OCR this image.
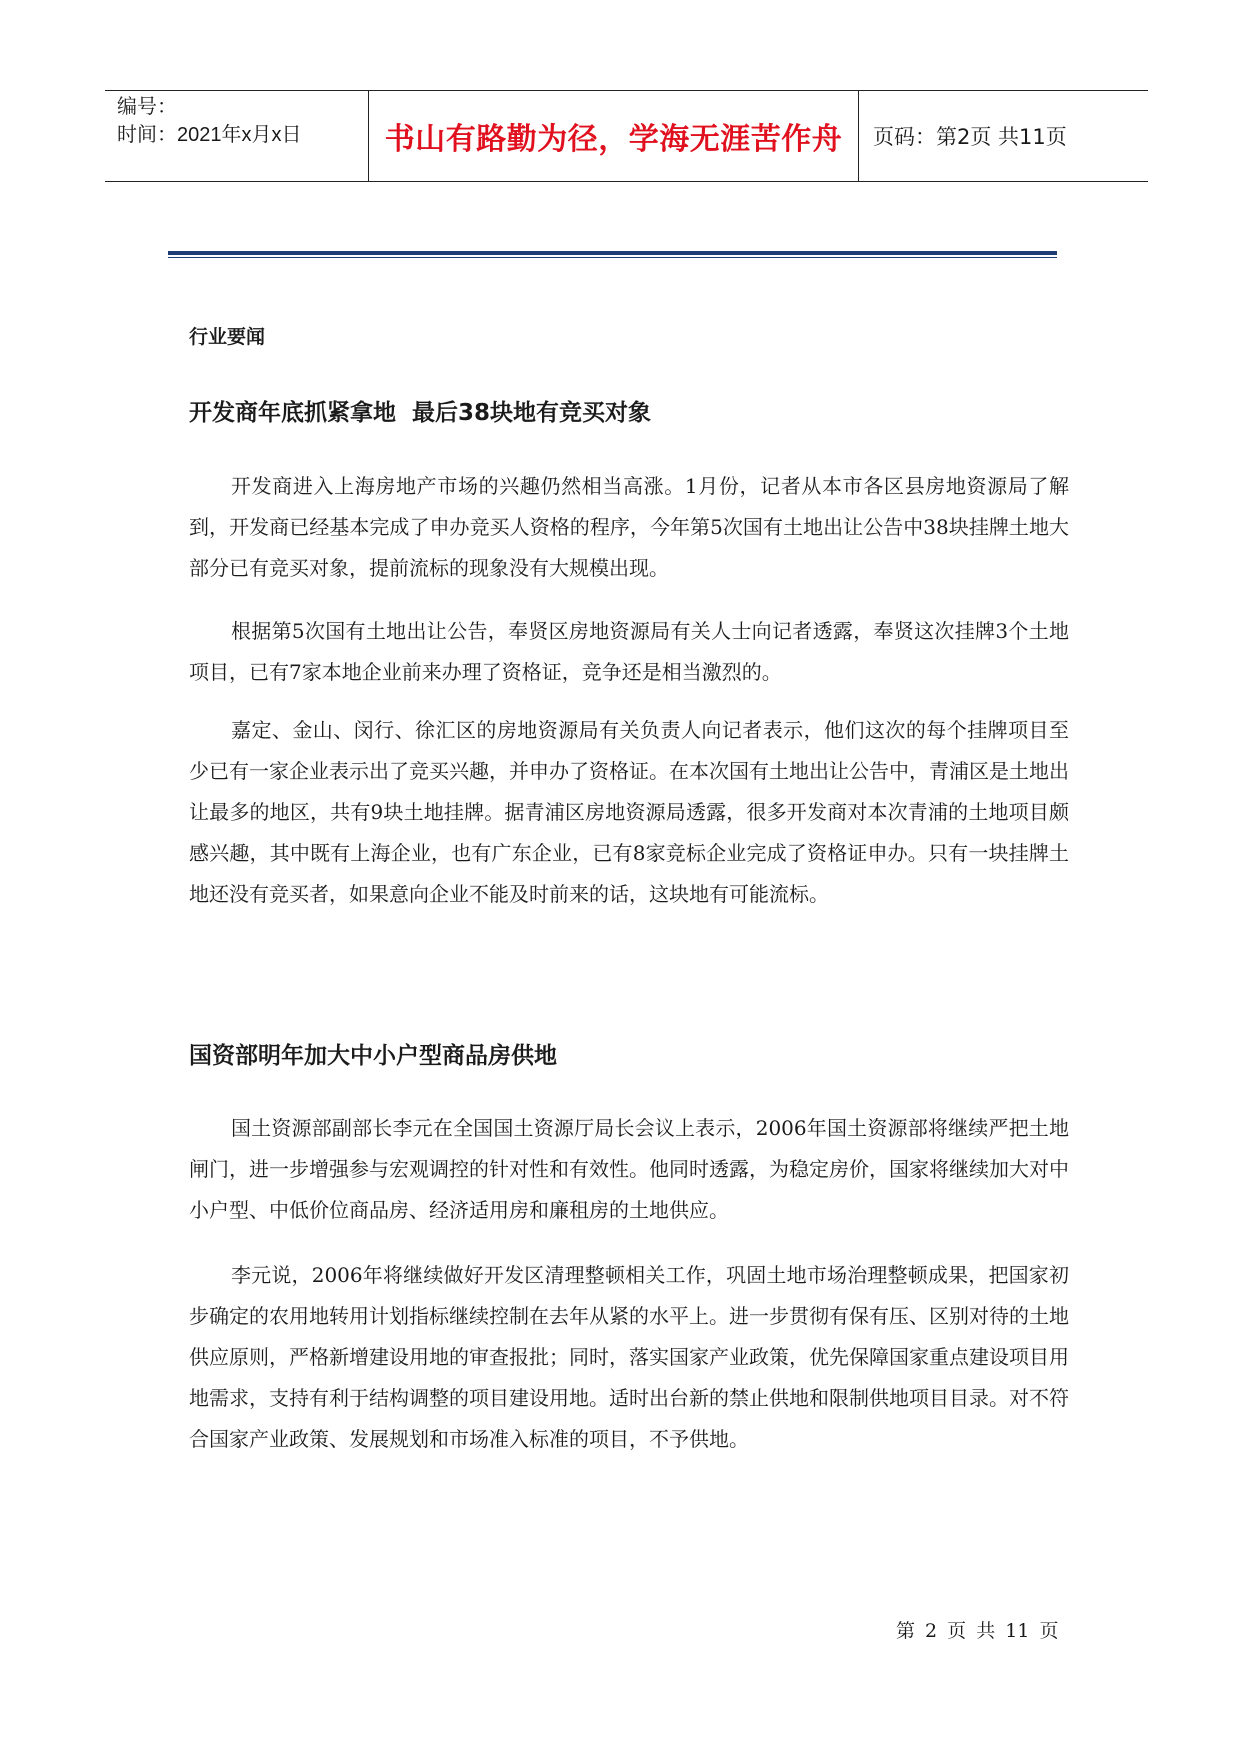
编号：
时间：2021年x月x日	书山有路勤为径，学海无涯苦作舟 页码：第2页 共11页
行业要闻
开发商年底抓紧拿地  最后38块地有竞买对象

开发商进入上海房地产市场的兴趣仍然相当高涨。1月份，记者从本市各区县房地资源局了解到，开发商已经基本完成了申办竞买人资格的程序，今年第5次国有土地出让公告中38块挂牌土地大部分已有竞买对象，提前流标的现象没有大规模出现。

根据第5次国有土地出让公告，奉贤区房地资源局有关人士向记者透露，奉贤这次挂牌3个土地项目，已有7家本地企业前来办理了资格证，竞争还是相当激烈的。

嘉定、金山、闵行、徐汇区的房地资源局有关负责人向记者表示，他们这次的每个挂牌项目至少已有一家企业表示出了竞买兴趣，并申办了资格证。在本次国有土地出让公告中，青浦区是土地出让最多的地区，共有9块土地挂牌。据青浦区房地资源局透露，很多开发商对本次青浦的土地项目颇感兴趣，其中既有上海企业，也有广东企业，已有8家竞标企业完成了资格证申办。只有一块挂牌土地还没有竞买者，如果意向企业不能及时前来的话，这块地有可能流标。

国资部明年加大中小户型商品房供地

国土资源部副部长李元在全国国土资源厅局长会议上表示，2006年国土资源部将继续严把土地闸门，进一步增强参与宏观调控的针对性和有效性。他同时透露，为稳定房价，国家将继续加大对中小户型、中低价位商品房、经济适用房和廉租房的土地供应。

李元说，2006年将继续做好开发区清理整顿相关工作，巩固土地市场治理整顿成果，把国家初步确定的农用地转用计划指标继续控制在去年从紧的水平上。进一步贯彻有保有压、区别对待的土地供应原则，严格新增建设用地的审查报批；同时，落实国家产业政策，优先保障国家重点建设项目用地需求，支持有利于结构调整的项目建设用地。适时出台新的禁止供地和限制供地项目目录。对不符合国家产业政策、发展规划和市场准入标准的项目，不予供地。

第 2 页 共 11 页
